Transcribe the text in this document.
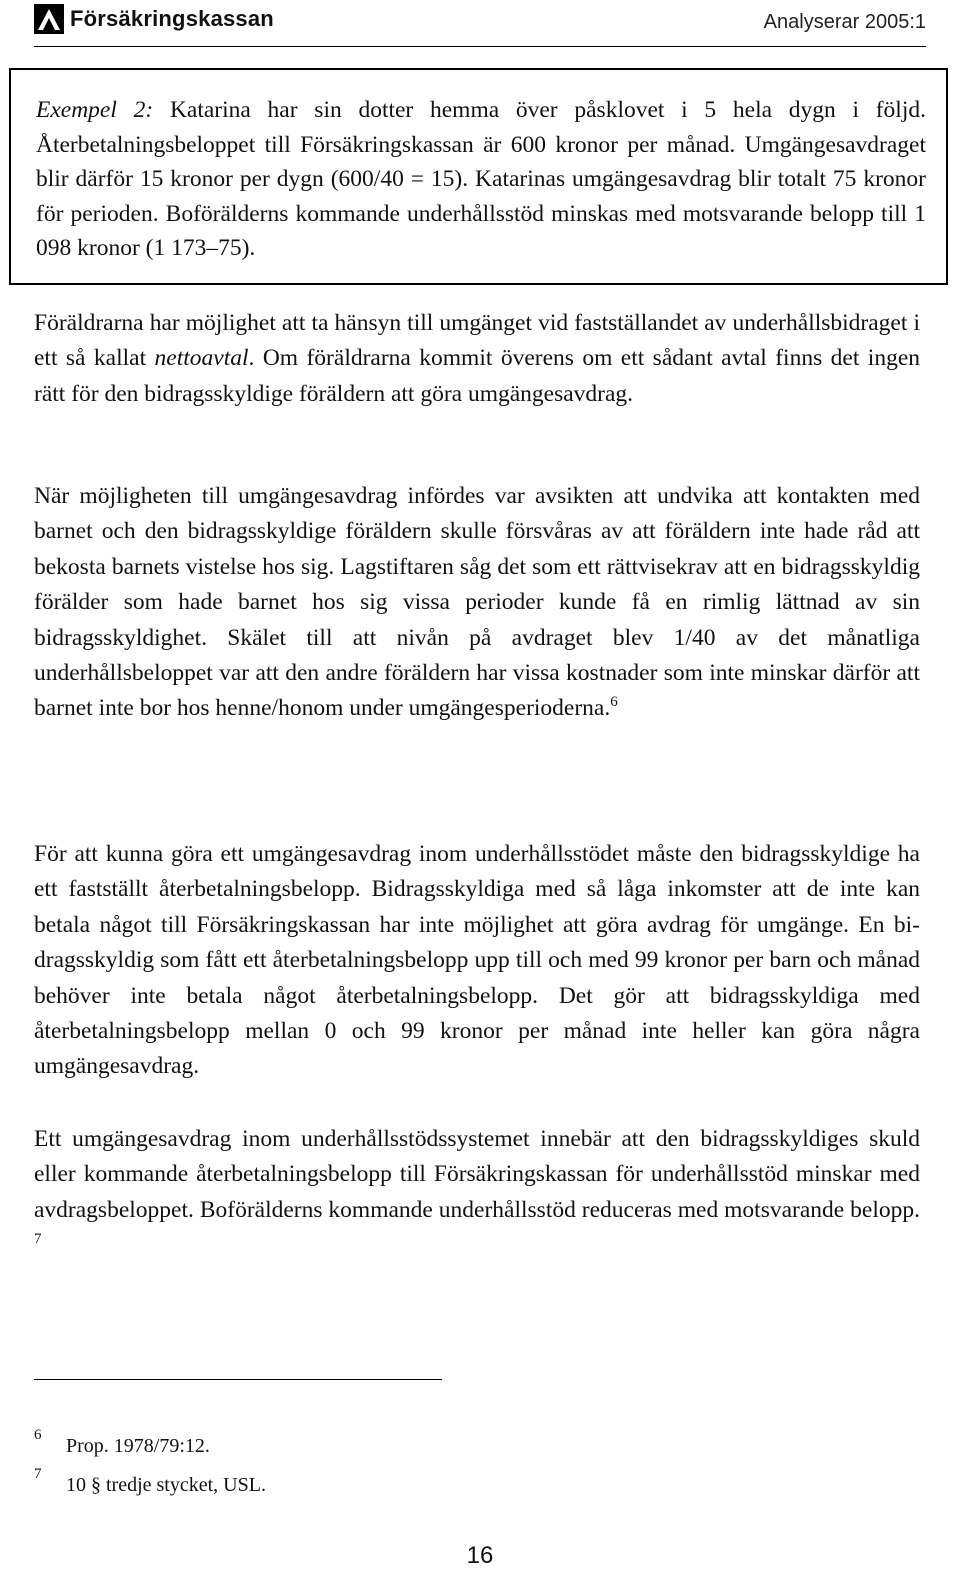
Försäkringskassan	Analyserar 2005:1
Exempel 2: Katarina har sin dotter hemma över påsklovet i 5 hela dygn i följd. Återbetalningsbeloppet till Försäkringskassan är 600 kronor per månad. Umgängesavdraget blir därför 15 kronor per dygn (600/40 = 15). Katarinas umgängesavdrag blir totalt 75 kronor för perioden. Boförälderns kommande underhållsstöd minskas med motsvarande belopp till 1 098 kronor (1 173–75).
Föräldrarna har möjlighet att ta hänsyn till umgänget vid fastställandet av underhållsbidraget i ett så kallat nettoavtal. Om föräldrarna kommit överens om ett sådant avtal finns det ingen rätt för den bidragsskyldige föräldern att göra umgängesavdrag.
När möjligheten till umgängesavdrag infördes var avsikten att undvika att kontakten med barnet och den bidragsskyldige föräldern skulle försvåras av att föräldern inte hade råd att bekosta barnets vistelse hos sig. Lagstiftaren såg det som ett rättvisekrav att en bidragsskyldig förälder som hade barnet hos sig vissa perioder kunde få en rimlig lättnad av sin bidragsskyldighet. Skälet till att nivån på avdraget blev 1/40 av det månatliga underhållsbeloppet var att den andre föräldern har vissa kostnader som inte minskar därför att barnet inte bor hos henne/honom under umgängesperioderna.$^6$
För att kunna göra ett umgängesavdrag inom underhållsstödet måste den bidragsskyldige ha ett fastställt återbetalningsbelopp. Bidragsskyldiga med så låga inkomster att de inte kan betala något till Försäkringskassan har inte möjlighet att göra avdrag för umgänge. En bidragsskyldig som fått ett återbetalningsbelopp upp till och med 99 kronor per barn och månad behöver inte betala något återbetalningsbelopp. Det gör att bidragsskyldiga med återbetalningsbelopp mellan 0 och 99 kronor per månad inte heller kan göra några umgängesavdrag.
Ett umgängesavdrag inom underhållsstödssystemet innebär att den bidragsskyldiges skuld eller kommande återbetalningsbelopp till Försäkringskassan för underhållsstöd minskar med avdragsbeloppet. Boförälderns kommande underhållsstöd reduceras med motsvarande belopp. $^7$
6 Prop. 1978/79:12.
7 10 § tredje stycket, USL.
16
